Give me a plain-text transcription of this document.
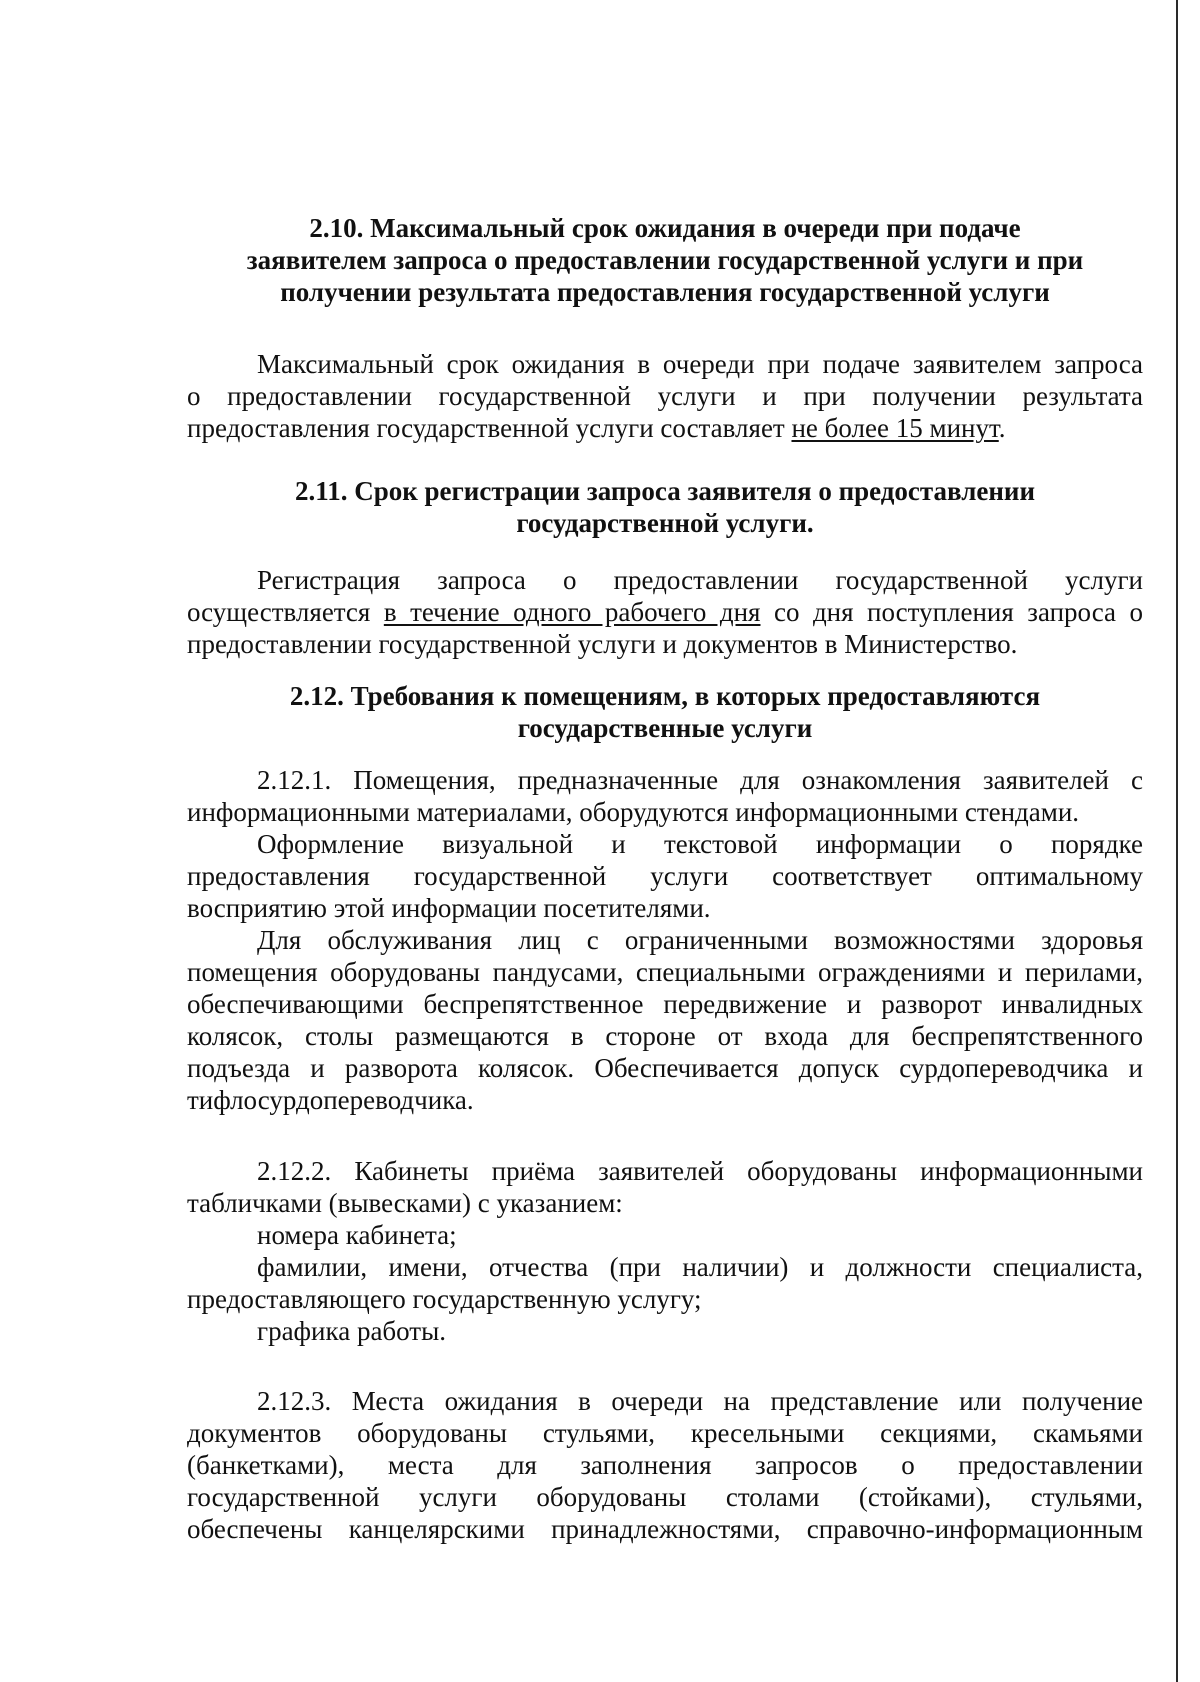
2.10. Максимальный срок ожидания в очереди при подаче
заявителем запроса о предоставлении государственной услуги и при
получении результата предоставления государственной услуги
Максимальный срок ожидания в очереди при подаче заявителем запроса
о предоставлении государственной услуги и при получении результата
предоставления государственной услуги составляет не более 15 минут.
2.11. Срок регистрации запроса заявителя о предоставлении
государственной услуги.
Регистрация запроса о предоставлении государственной услуги
осуществляется в течение одного рабочего дня со дня поступления запроса о
предоставлении государственной услуги и документов в Министерство.
2.12. Требования к помещениям, в которых предоставляются
государственные услуги
2.12.1. Помещения, предназначенные для ознакомления заявителей с
информационными материалами, оборудуются информационными стендами.
Оформление визуальной и текстовой информации о порядке
предоставления государственной услуги соответствует оптимальному
восприятию этой информации посетителями.
Для обслуживания лиц с ограниченными возможностями здоровья
помещения оборудованы пандусами, специальными ограждениями и перилами,
обеспечивающими беспрепятственное передвижение и разворот инвалидных
колясок, столы размещаются в стороне от входа для беспрепятственного
подъезда и разворота колясок. Обеспечивается допуск сурдопереводчика и
тифлосурдопереводчика.
2.12.2. Кабинеты приёма заявителей оборудованы информационными
табличками (вывесками) с указанием:
номера кабинета;
фамилии, имени, отчества (при наличии) и должности специалиста,
предоставляющего государственную услугу;
графика работы.
2.12.3. Места ожидания в очереди на представление или получение
документов оборудованы стульями, кресельными секциями, скамьями
(банкетками), места для заполнения запросов о предоставлении
государственной услуги оборудованы столами (стойками), стульями,
обеспечены канцелярскими принадлежностями, справочно-информационным
